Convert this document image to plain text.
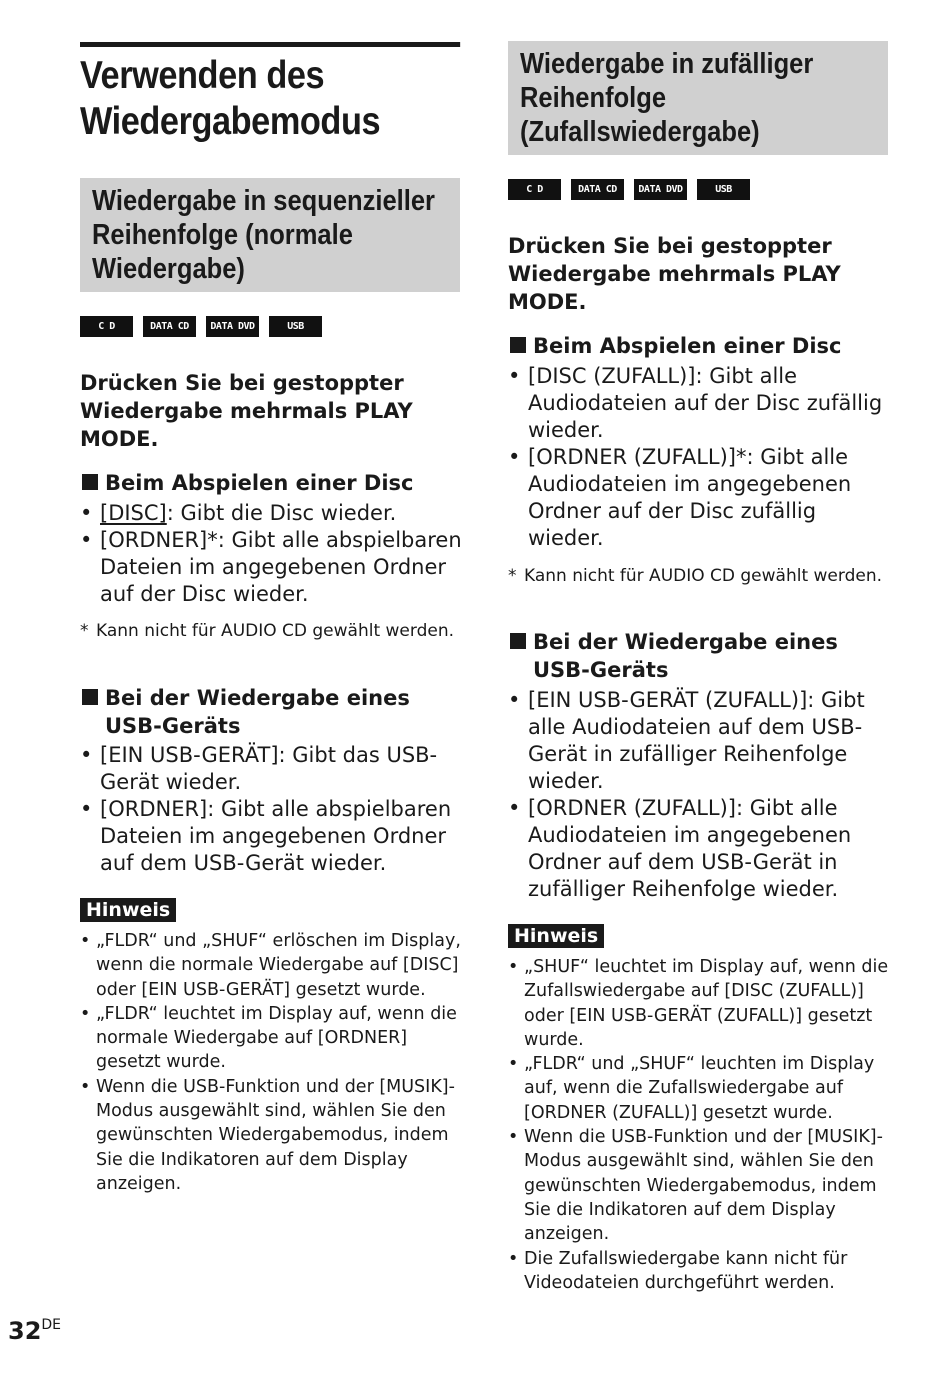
Verwenden des
Wiedergabemodus
Wiedergabe in sequenzieller
Reihenfolge (normale
Wiedergabe)
C D	DATA CD	DATA DVD	USB

Drücken Sie bei gestoppter
Wiedergabe mehrmals PLAY
MODE.

Beim Abspielen einer Disc

• [DISC]: Gibt die Disc wieder.
• [ORDNER]*: Gibt alle abspielbaren Dateien im angegebenen Ordner auf der Disc wieder.

* Kann nicht für AUDIO CD gewählt werden.

Bei der Wiedergabe eines
USB-Geräts

• [EIN USB-GERÄT]: Gibt das USB-Gerät wieder.
• [ORDNER]: Gibt alle abspielbaren Dateien im angegebenen Ordner auf dem USB-Gerät wieder.
Hinweis
• „FLDR“ und „SHUF“ erlöschen im Display, wenn die normale Wiedergabe auf [DISC] oder [EIN USB-GERÄT] gesetzt wurde.
• „FLDR“ leuchtet im Display auf, wenn die normale Wiedergabe auf [ORDNER] gesetzt wurde.
• Wenn die USB-Funktion und der [MUSIK]-Modus ausgewählt sind, wählen Sie den gewünschten Wiedergabemodus, indem Sie die Indikatoren auf dem Display anzeigen.
Wiedergabe in zufälliger
Reihenfolge
(Zufallswiedergabe)
C D	DATA CD	DATA DVD	USB

Drücken Sie bei gestoppter
Wiedergabe mehrmals PLAY
MODE.

Beim Abspielen einer Disc

• [DISC (ZUFALL)]: Gibt alle Audiodateien auf der Disc zufällig wieder.
• [ORDNER (ZUFALL)]*: Gibt alle Audiodateien im angegebenen Ordner auf der Disc zufällig wieder.

* Kann nicht für AUDIO CD gewählt werden.

Bei der Wiedergabe eines
USB-Geräts

• [EIN USB-GERÄT (ZUFALL)]: Gibt alle Audiodateien auf dem USB-Gerät in zufälliger Reihenfolge wieder.
• [ORDNER (ZUFALL)]: Gibt alle Audiodateien im angegebenen Ordner auf dem USB-Gerät in zufälliger Reihenfolge wieder.
Hinweis
• „SHUF“ leuchtet im Display auf, wenn die Zufallswiedergabe auf [DISC (ZUFALL)] oder [EIN USB-GERÄT (ZUFALL)] gesetzt wurde.
• „FLDR“ und „SHUF“ leuchten im Display auf, wenn die Zufallswiedergabe auf [ORDNER (ZUFALL)] gesetzt wurde.
• Wenn die USB-Funktion und der [MUSIK]-Modus ausgewählt sind, wählen Sie den gewünschten Wiedergabemodus, indem Sie die Indikatoren auf dem Display anzeigen.
• Die Zufallswiedergabe kann nicht für Videodateien durchgeführt werden.
32DE
